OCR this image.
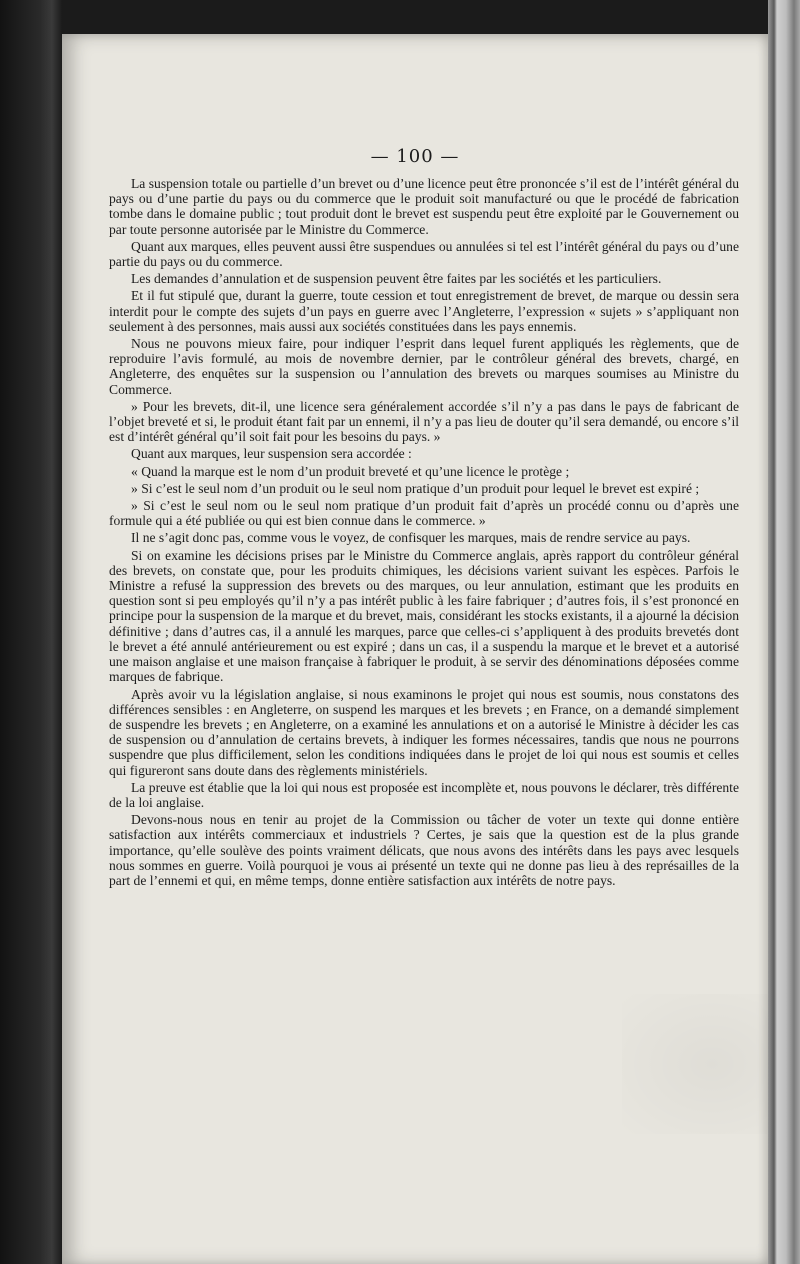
— 100 —

La suspension totale ou partielle d’un brevet ou d’une licence peut être prononcée s’il est de l’intérêt général du pays ou d’une partie du pays ou du commerce que le produit soit manufacturé ou que le procédé de fabrication tombe dans le domaine public ; tout produit dont le brevet est suspendu peut être exploité par le Gouvernement ou par toute personne autorisée par le Ministre du Commerce.

Quant aux marques, elles peuvent aussi être suspendues ou annulées si tel est l’intérêt général du pays ou d’une partie du pays ou du commerce.

Les demandes d’annulation et de suspension peuvent être faites par les sociétés et les particuliers.

Et il fut stipulé que, durant la guerre, toute cession et tout enregistrement de brevet, de marque ou dessin sera interdit pour le compte des sujets d’un pays en guerre avec l’Angleterre, l’expression « sujets » s’appliquant non seulement à des personnes, mais aussi aux sociétés constituées dans les pays ennemis.

Nous ne pouvons mieux faire, pour indiquer l’esprit dans lequel furent appliqués les règlements, que de reproduire l’avis formulé, au mois de novembre dernier, par le contrôleur général des brevets, chargé, en Angleterre, des enquêtes sur la suspension ou l’annulation des brevets ou marques soumises au Ministre du Commerce.

» Pour les brevets, dit-il, une licence sera généralement accordée s’il n’y a pas dans le pays de fabricant de l’objet breveté et si, le produit étant fait par un ennemi, il n’y a pas lieu de douter qu’il sera demandé, ou encore s’il est d’intérêt général qu’il soit fait pour les besoins du pays. »

Quant aux marques, leur suspension sera accordée :

« Quand la marque est le nom d’un produit breveté et qu’une licence le protège ;

» Si c’est le seul nom d’un produit ou le seul nom pratique d’un produit pour lequel le brevet est expiré ;

» Si c’est le seul nom ou le seul nom pratique d’un produit fait d’après un procédé connu ou d’après une formule qui a été publiée ou qui est bien connue dans le commerce. »

Il ne s’agit donc pas, comme vous le voyez, de confisquer les marques, mais de rendre service au pays.

Si on examine les décisions prises par le Ministre du Commerce anglais, après rapport du contrôleur général des brevets, on constate que, pour les produits chimiques, les décisions varient suivant les espèces. Parfois le Ministre a refusé la suppression des brevets ou des marques, ou leur annulation, estimant que les produits en question sont si peu employés qu’il n’y a pas intérêt public à les faire fabriquer ; d’autres fois, il s’est prononcé en principe pour la suspension de la marque et du brevet, mais, considérant les stocks existants, il a ajourné la décision définitive ; dans d’autres cas, il a annulé les marques, parce que celles-ci s’appliquent à des produits brevetés dont le brevet a été annulé antérieurement ou est expiré ; dans un cas, il a suspendu la marque et le brevet et a autorisé une maison anglaise et une maison française à fabriquer le produit, à se servir des dénominations déposées comme marques de fabrique.

Après avoir vu la législation anglaise, si nous examinons le projet qui nous est soumis, nous constatons des différences sensibles : en Angleterre, on suspend les marques et les brevets ; en France, on a demandé simplement de suspendre les brevets ; en Angleterre, on a examiné les annulations et on a autorisé le Ministre à décider les cas de suspension ou d’annulation de certains brevets, à indiquer les formes nécessaires, tandis que nous ne pourrons suspendre que plus difficilement, selon les conditions indiquées dans le projet de loi qui nous est soumis et celles qui figureront sans doute dans des règlements ministériels.

La preuve est établie que la loi qui nous est proposée est incomplète et, nous pouvons le déclarer, très différente de la loi anglaise.

Devons-nous nous en tenir au projet de la Commission ou tâcher de voter un texte qui donne entière satisfaction aux intérêts commerciaux et industriels ? Certes, je sais que la question est de la plus grande importance, qu’elle soulève des points vraiment délicats, que nous avons des intérêts dans les pays avec lesquels nous sommes en guerre. Voilà pourquoi je vous ai présenté un texte qui ne donne pas lieu à des représailles de la part de l’ennemi et qui, en même temps, donne entière satisfaction aux intérêts de notre pays.
